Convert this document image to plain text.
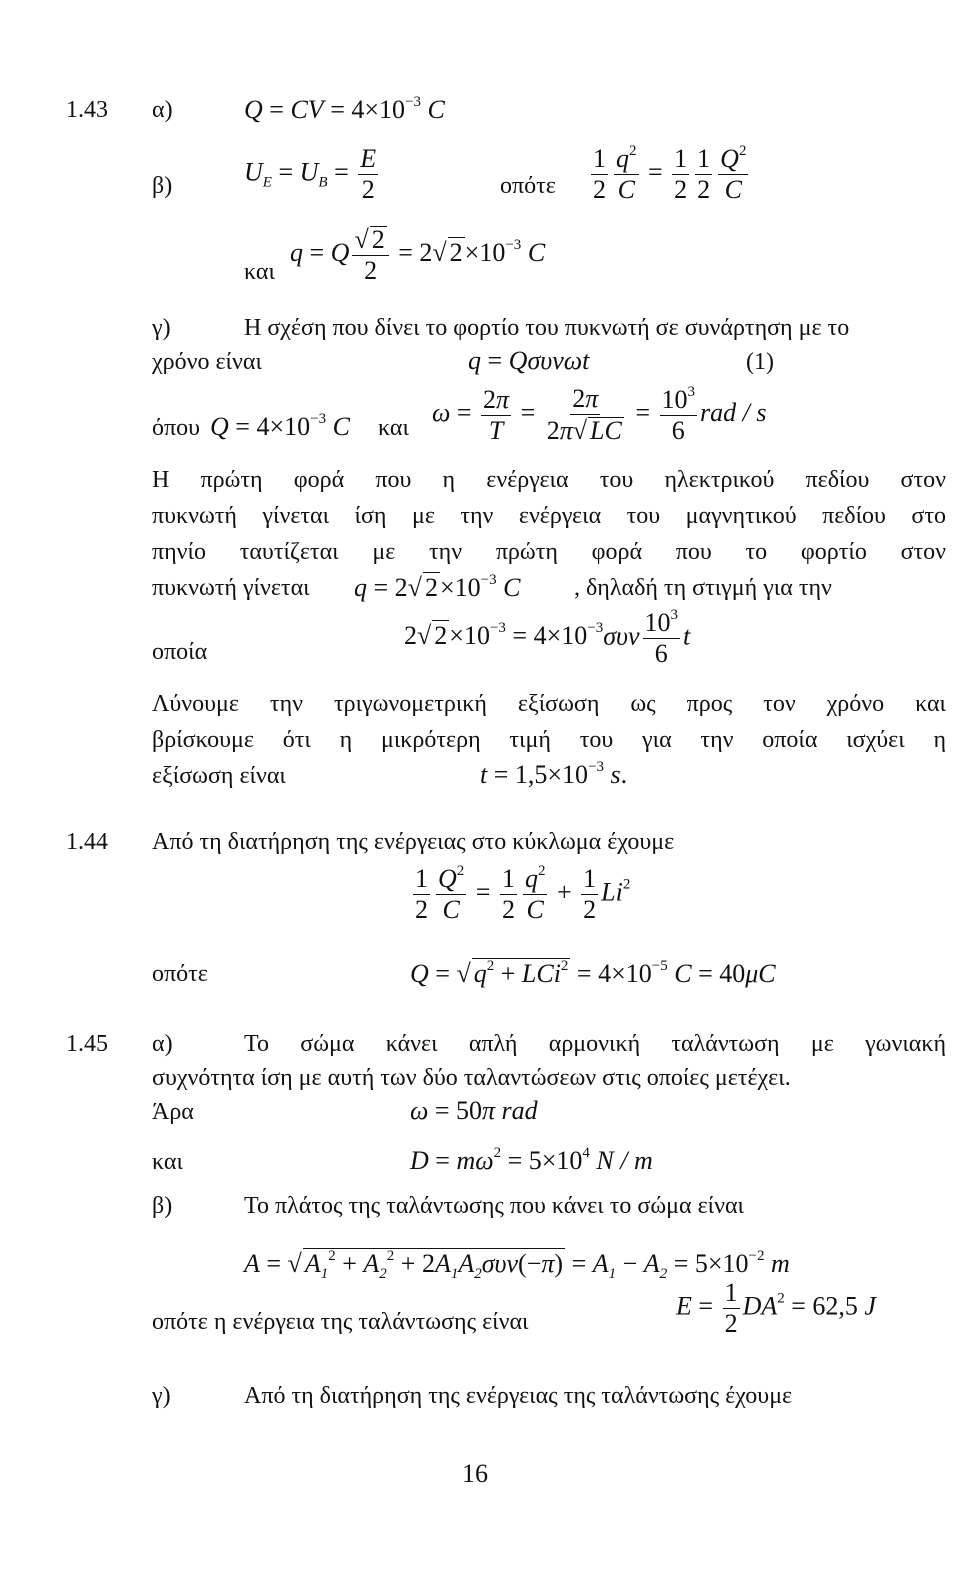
1.43 α)	Q = CV = $4\times 10^{-3}$ C
β)	$U_E = U_B = \frac{E}{2}$	οπότε $\frac{1}{2} \frac{q^2}{C} = \frac{1}{2} \frac{1}{2} \frac{Q^2}{C}$
και
q = Q $\frac{√ 2}{2} = 2√$ $2\times 10^{-3}$ C
γ)	Η σχέση που δίνει το φορτίο του πυκνωτή σε συνάρτηση με το
χρόνο είναι	q = Qσυνωt	(1)
όπου $Q = 4\times 10^{-3}$ C και
$\omega = \frac{2\pi}{T} = \frac{2\pi}{2\pi√ LC} = \frac{10^3}{6}$ rad / s
Η πρώτη φορά που η ενέργεια του ηλεκτρικού πεδίου στον
πυκνωτή γίνεται ίση με την ενέργεια του μαγνητικού πεδίου στο
πηνίο ταυτίζεται με την πρώτη φορά που το φορτίο στον
πυκνωτή γίνεται q = 2√ $2\times 10^{-3}$ C , δηλαδή τη στιγμή για την
οποία
2√ $2\times 10^{-3} = 4\times 10^{-3}\sigma\upsilon\nu \frac{10^3}{6}$ t
Λύνουμε την τριγωνομετρική εξίσωση ως προς τον χρόνο και
βρίσκουμε ότι η μικρότερη τιμή του για την οποία ισχύει η
εξίσωση είναι	$t = 1,5\times 10^{-3}$ s.
1.44 Από τη διατήρηση της ενέργειας στο κύκλωμα έχουμε
$\frac{1}{2} \frac{Q^2}{C} = \frac{1}{2} \frac{q^2}{C} + \frac{1}{2} Li^2$
οπότε	Q = √ $q^2 + LCi^2 = 4\times 10^{-5}$ C = 40μC
1.45 α)	Το σώμα κάνει απλή αρμονική ταλάντωση με γωνιακή
συχνότητα ίση με αυτή των δύο ταλαντώσεων στις οποίες μετέχει.
Άρα	ω = 50π rad
και	$D = m\omega^2 = 5\times 10^4$ N / m
β)	Το πλάτος της ταλάντωσης που κάνει το σώμα είναι
A = √ $A_1^2 + A_2^2 + 2A_1A_2\sigma\upsilon\nu(-\pi) = A_1 - A_2 = 5\times 10^{-2}$ m
οπότε η ενέργεια της ταλάντωσης είναι
$E = \frac{1}{2} DA^2 = 62,5$ J
γ)	Από τη διατήρηση της ενέργειας της ταλάντωσης έχουμε
16
